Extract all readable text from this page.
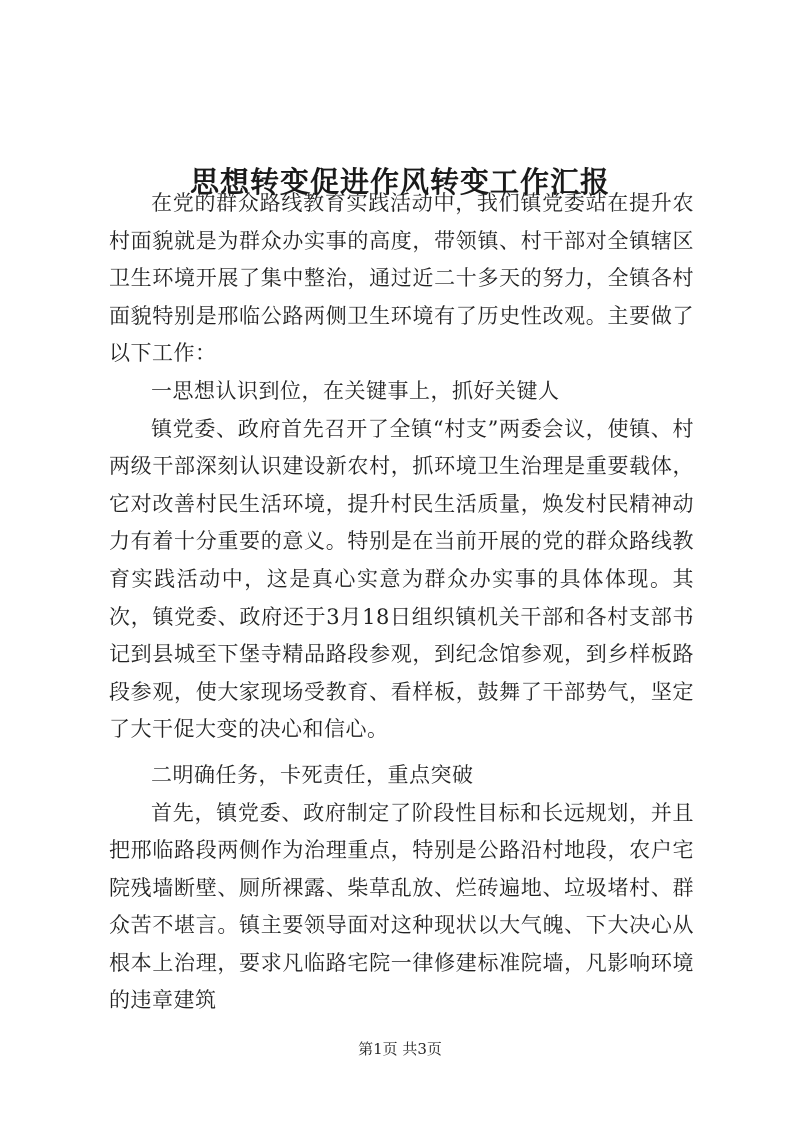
思想转变促进作风转变工作汇报

在党的群众路线教育实践活动中，我们镇党委站在提升农村面貌就是为群众办实事的高度，带领镇、村干部对全镇辖区卫生环境开展了集中整治，通过近二十多天的努力，全镇各村面貌特别是邢临公路两侧卫生环境有了历史性改观。主要做了以下工作：

一思想认识到位，在关键事上，抓好关键人

镇党委、政府首先召开了全镇“村支”两委会议，使镇、村两级干部深刻认识建设新农村，抓环境卫生治理是重要载体，它对改善村民生活环境，提升村民生活质量，焕发村民精神动力有着十分重要的意义。特别是在当前开展的党的群众路线教育实践活动中，这是真心实意为群众办实事的具体体现。其次，镇党委、政府还于3月18日组织镇机关干部和各村支部书记到县城至下堡寺精品路段参观，到纪念馆参观，到乡样板路段参观，使大家现场受教育、看样板，鼓舞了干部势气，坚定了大干促大变的决心和信心。

二明确任务，卡死责任，重点突破

首先，镇党委、政府制定了阶段性目标和长远规划，并且把邢临路段两侧作为治理重点，特别是公路沿村地段，农户宅院残墙断壁、厕所裸露、柴草乱放、烂砖遍地、垃圾堵村、群众苦不堪言。镇主要领导面对这种现状以大气魄、下大决心从根本上治理，要求凡临路宅院一律修建标准院墙，凡影响环境的违章建筑

第1页 共3页
